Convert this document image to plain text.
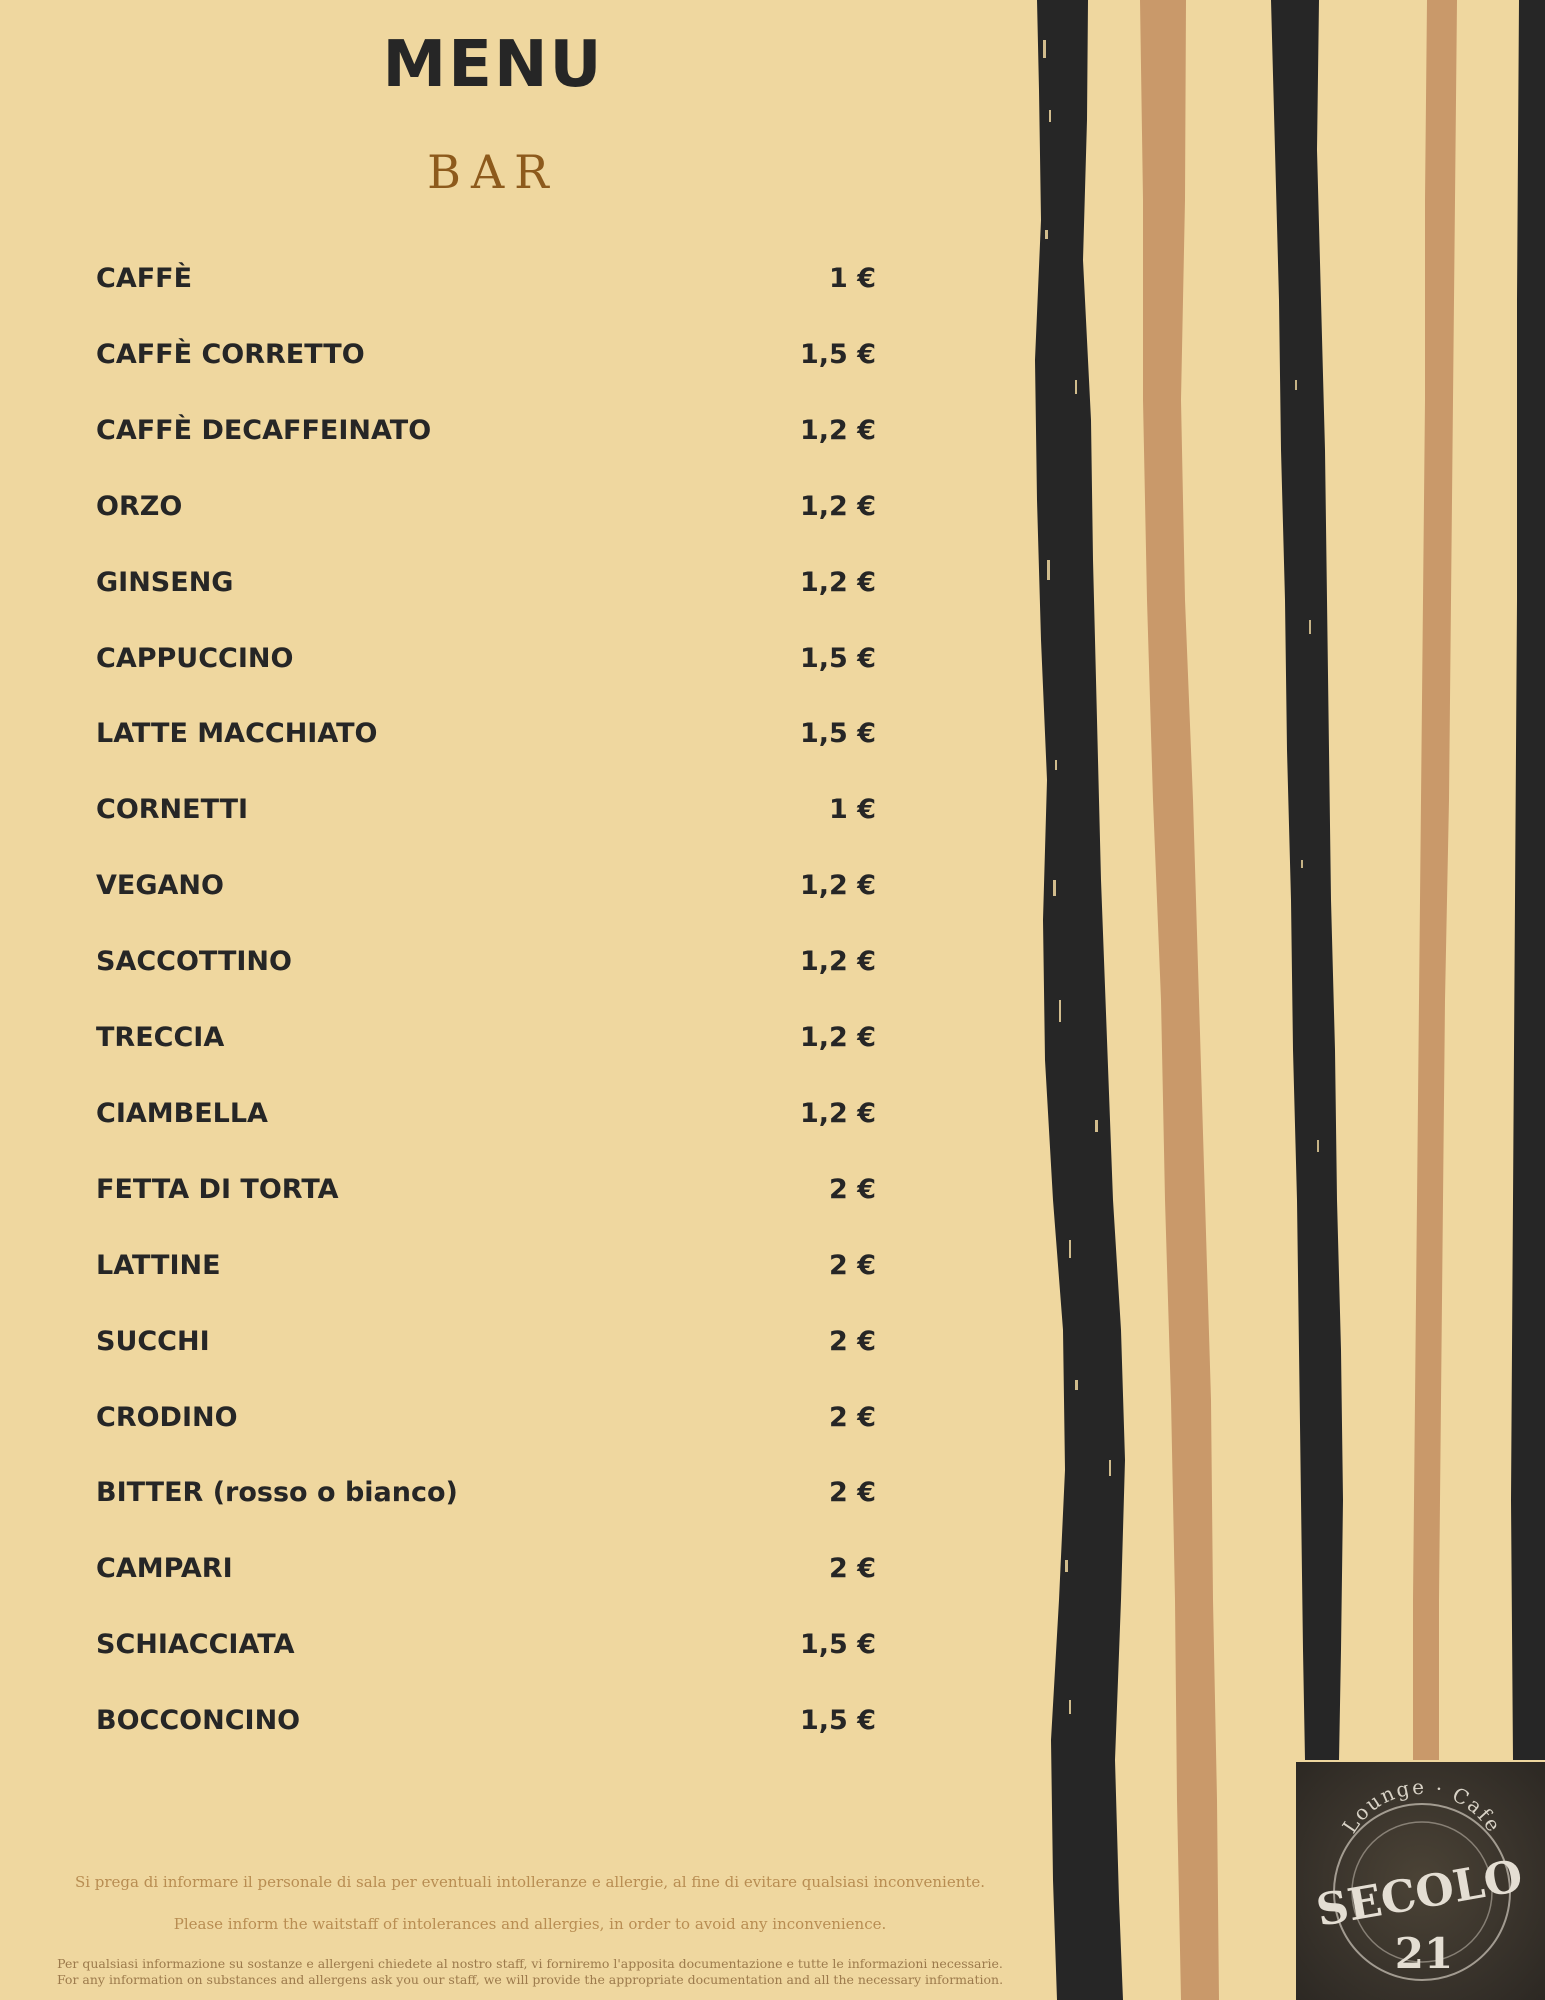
MENU
BAR
CAFFÈ	1 €
CAFFÈ CORRETTO	1,5 €
CAFFÈ DECAFFEINATO	1,2 €
ORZO	1,2 €
GINSENG	1,2 €
CAPPUCCINO	1,5 €
LATTE MACCHIATO	1,5 €
CORNETTI	1 €
VEGANO	1,2 €
SACCOTTINO	1,2 €
TRECCIA	1,2 €
CIAMBELLA	1,2 €
FETTA DI TORTA	2 €
LATTINE	2 €
SUCCHI	2 €
CRODINO	2 €
BITTER (rosso o bianco)	2 €
CAMPARI	2 €
SCHIACCIATA	1,5 €
BOCCONCINO	1,5 €
Si prega di informare il personale di sala per eventuali intolleranze e allergie, al fine di evitare qualsiasi inconveniente.
Please inform the waitstaff of intolerances and allergies, in order to avoid any inconvenience.
Per qualsiasi informazione su sostanze e allergeni chiedete al nostro staff, vi forniremo l'apposita documentazione e tutte le informazioni necessarie.
For any information on substances and allergens ask you our staff, we will provide the appropriate documentation and all the necessary information.
Lounge · Cafe
SECOLO
21
